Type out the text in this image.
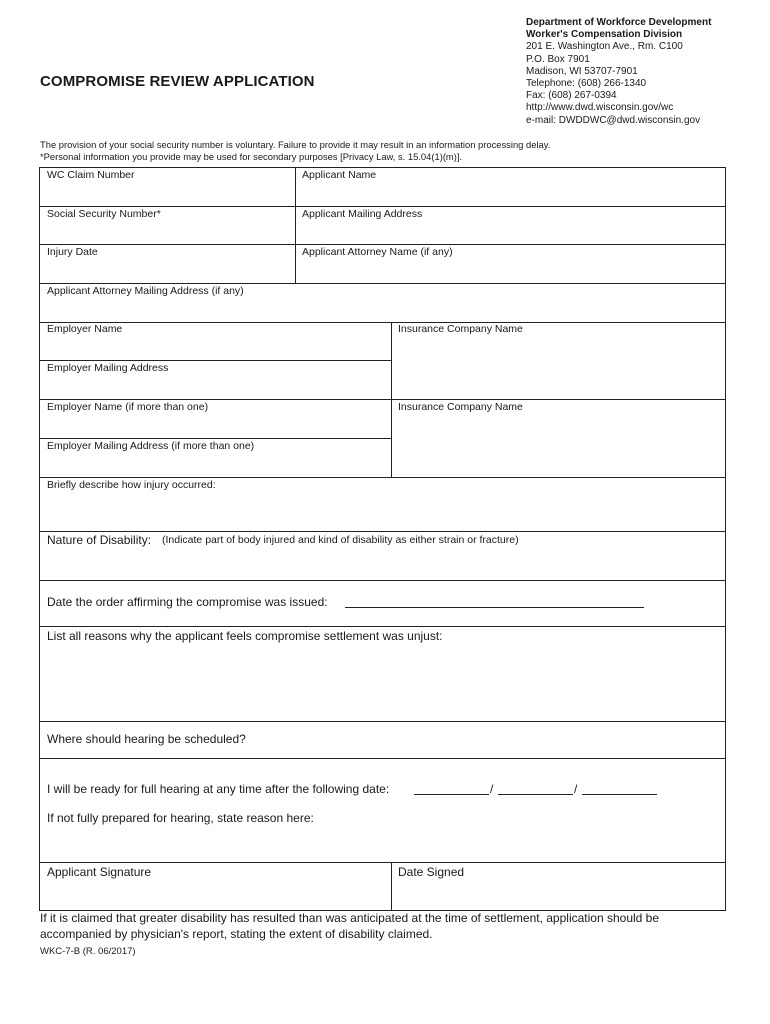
Department of Workforce Development
Worker's Compensation Division
201 E. Washington Ave., Rm. C100
P.O. Box 7901
Madison, WI 53707-7901
Telephone: (608) 266-1340
Fax: (608) 267-0394
http://www.dwd.wisconsin.gov/wc
e-mail: DWDDWC@dwd.wisconsin.gov
COMPROMISE REVIEW APPLICATION
The provision of your social security number is voluntary. Failure to provide it may result in an information processing delay.
*Personal information you provide may be used for secondary purposes [Privacy Law, s. 15.04(1)(m)].
WC Claim Number	Applicant Name
Social Security Number*	Applicant Mailing Address
Injury Date	Applicant Attorney Name (if any)
Applicant Attorney Mailing Address (if any)
Employer Name	Insurance Company Name
Employer Mailing Address
Employer Name (if more than one)	Insurance Company Name
Employer Mailing Address (if more than one)
Briefly describe how injury occurred:
Nature of Disability: (Indicate part of body injured and kind of disability as either strain or fracture)
Date the order affirming the compromise was issued:
List all reasons why the applicant feels compromise settlement was unjust:
Where should hearing be scheduled?
I will be ready for full hearing at any time after the following date:	/	/
If not fully prepared for hearing, state reason here:
Applicant Signature	Date Signed
If it is claimed that greater disability has resulted than was anticipated at the time of settlement, application should be accompanied by physician's report, stating the extent of disability claimed.
WKC-7-B (R. 06/2017)
